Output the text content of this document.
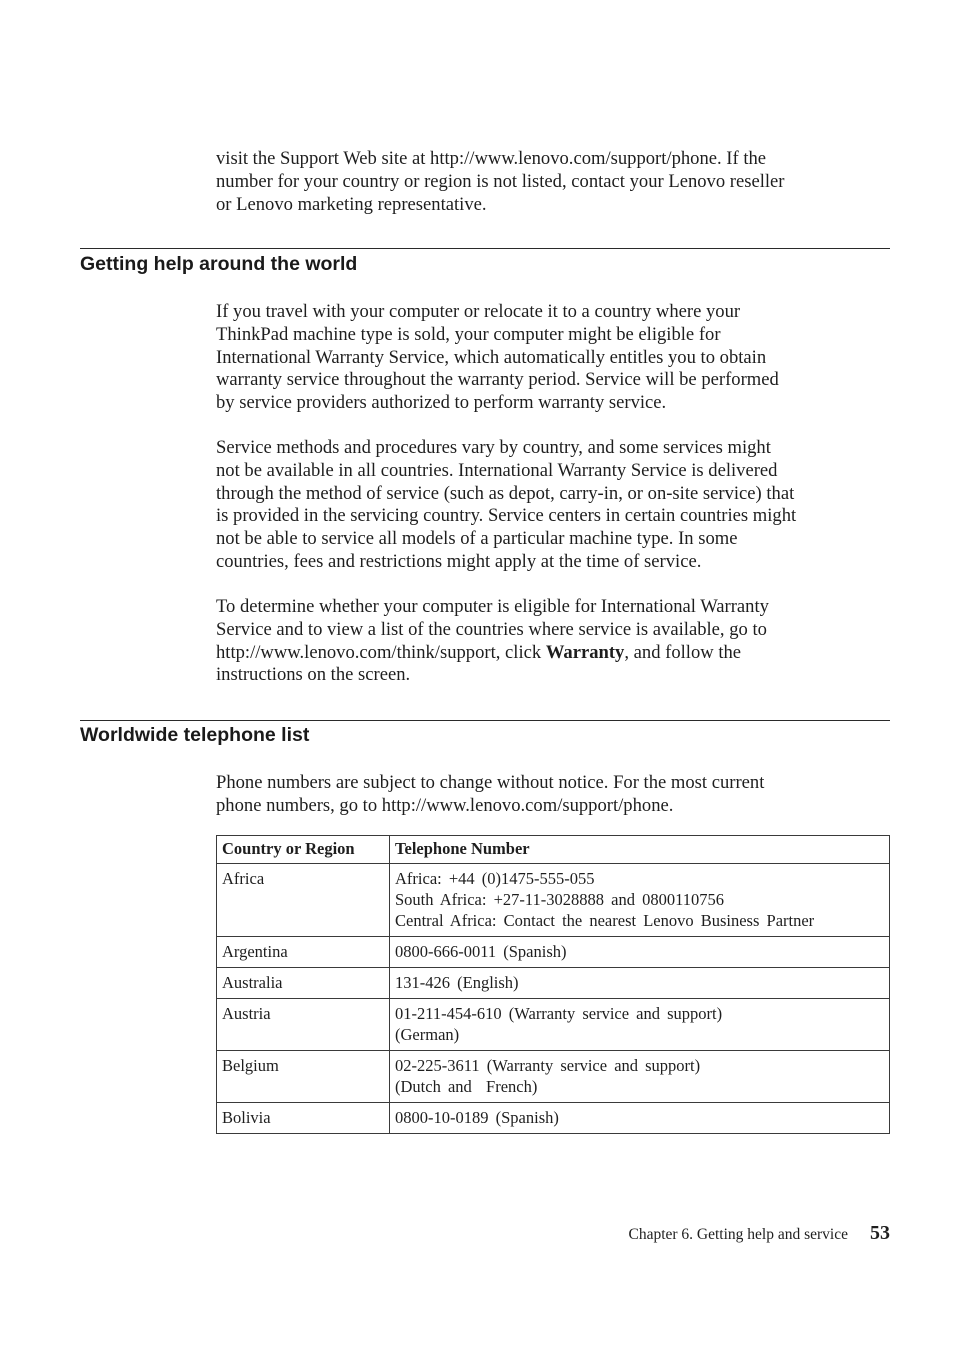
visit the Support Web site at http://www.lenovo.com/support/phone. If the
number for your country or region is not listed, contact your Lenovo reseller
or Lenovo marketing representative.

Getting help around the world

If you travel with your computer or relocate it to a country where your
ThinkPad machine type is sold, your computer might be eligible for
International Warranty Service, which automatically entitles you to obtain
warranty service throughout the warranty period. Service will be performed
by service providers authorized to perform warranty service.

Service methods and procedures vary by country, and some services might
not be available in all countries. International Warranty Service is delivered
through the method of service (such as depot, carry-in, or on-site service) that
is provided in the servicing country. Service centers in certain countries might
not be able to service all models of a particular machine type. In some
countries, fees and restrictions might apply at the time of service.

To determine whether your computer is eligible for International Warranty
Service and to view a list of the countries where service is available, go to
http://www.lenovo.com/think/support, click Warranty, and follow the
instructions on the screen.

Worldwide telephone list

Phone numbers are subject to change without notice. For the most current
phone numbers, go to http://www.lenovo.com/support/phone.

Country or Region	Telephone Number
Africa	Africa: +44 (0)1475-555-055
South Africa: +27-11-3028888 and 0800110756
Central Africa: Contact the nearest Lenovo Business Partner

Argentina	0800-666-0011 (Spanish)

Australia	131-426 (English)

Austria	01-211-454-610 (Warranty service and support)
(German)

Belgium	02-225-3611 (Warranty service and support)
(Dutch and  French)

Bolivia	0800-10-0189 (Spanish)
Chapter 6. Getting help and service 53
